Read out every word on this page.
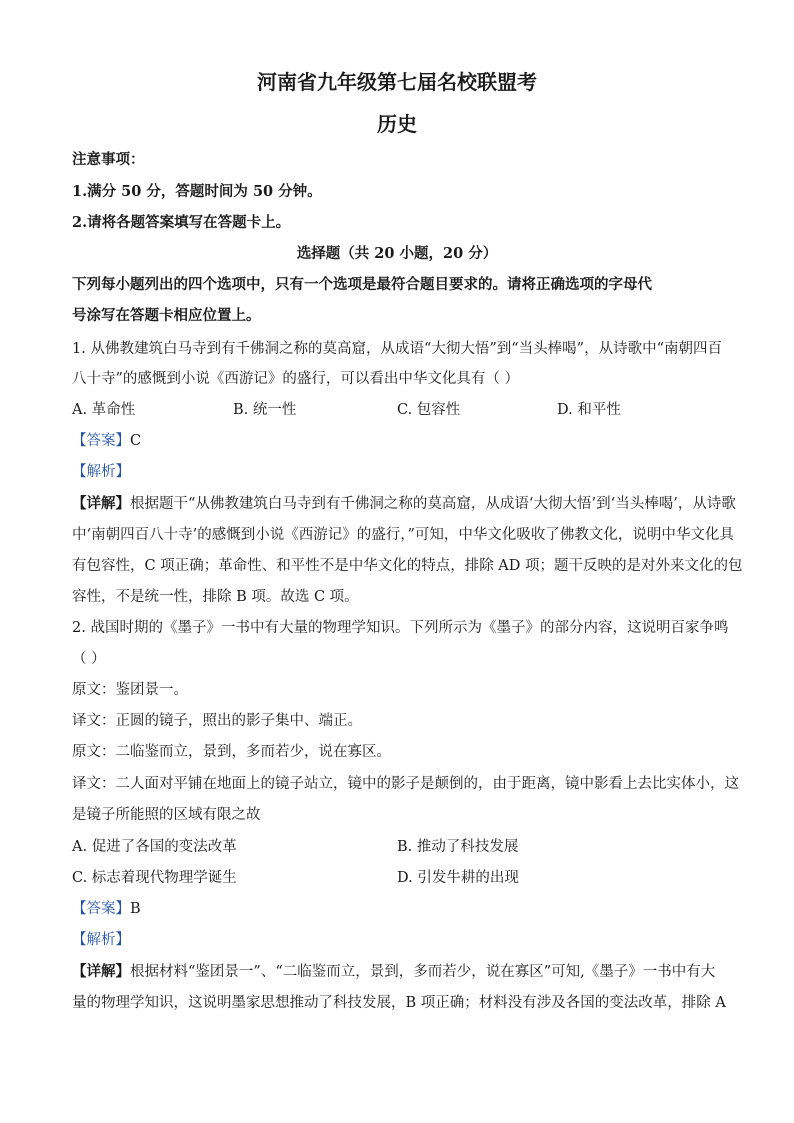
河南省九年级第七届名校联盟考
历史
注意事项：
1.满分 50 分，答题时间为 50 分钟。
2.请将各题答案填写在答题卡上。
选择题（共 20 小题，20 分）
下列每小题列出的四个选项中，只有一个选项是最符合题目要求的。请将正确选项的字母代
号涂写在答题卡相应位置上。
1. 从佛教建筑白马寺到有千佛洞之称的莫高窟，从成语“大彻大悟”到“当头棒喝”，从诗歌中“南朝四百
八十寺”的感慨到小说《西游记》的盛行，可以看出中华文化具有（ ）
A. 革命性	B. 统一性	C. 包容性	D. 和平性
【答案】C
【解析】
【详解】根据题干“从佛教建筑白马寺到有千佛洞之称的莫高窟，从成语‘大彻大悟’到‘当头棒喝’，从诗歌
中‘南朝四百八十寺’的感慨到小说《西游记》的盛行，”可知，中华文化吸收了佛教文化，说明中华文化具
有包容性，C 项正确；革命性、和平性不是中华文化的特点，排除 AD 项；题干反映的是对外来文化的包
容性，不是统一性，排除 B 项。故选 C 项。
2. 战国时期的《墨子》一书中有大量的物理学知识。下列所示为《墨子》的部分内容，这说明百家争鸣
（ ）
原文：鉴团景一。
译文：正圆的镜子，照出的影子集中、端正。
原文：二临鉴而立，景到，多而若少，说在寡区。
译文：二人面对平铺在地面上的镜子站立，镜中的影子是颠倒的，由于距离，镜中影看上去比实体小，这
是镜子所能照的区域有限之故
A. 促进了各国的变法改革	B. 推动了科技发展
C. 标志着现代物理学诞生	D. 引发牛耕的出现
【答案】B
【解析】
【详解】根据材料“鉴团景一”、“二临鉴而立，景到，多而若少，说在寡区”可知,《墨子》一书中有大
量的物理学知识，这说明墨家思想推动了科技发展，B 项正确；材料没有涉及各国的变法改革，排除 A
